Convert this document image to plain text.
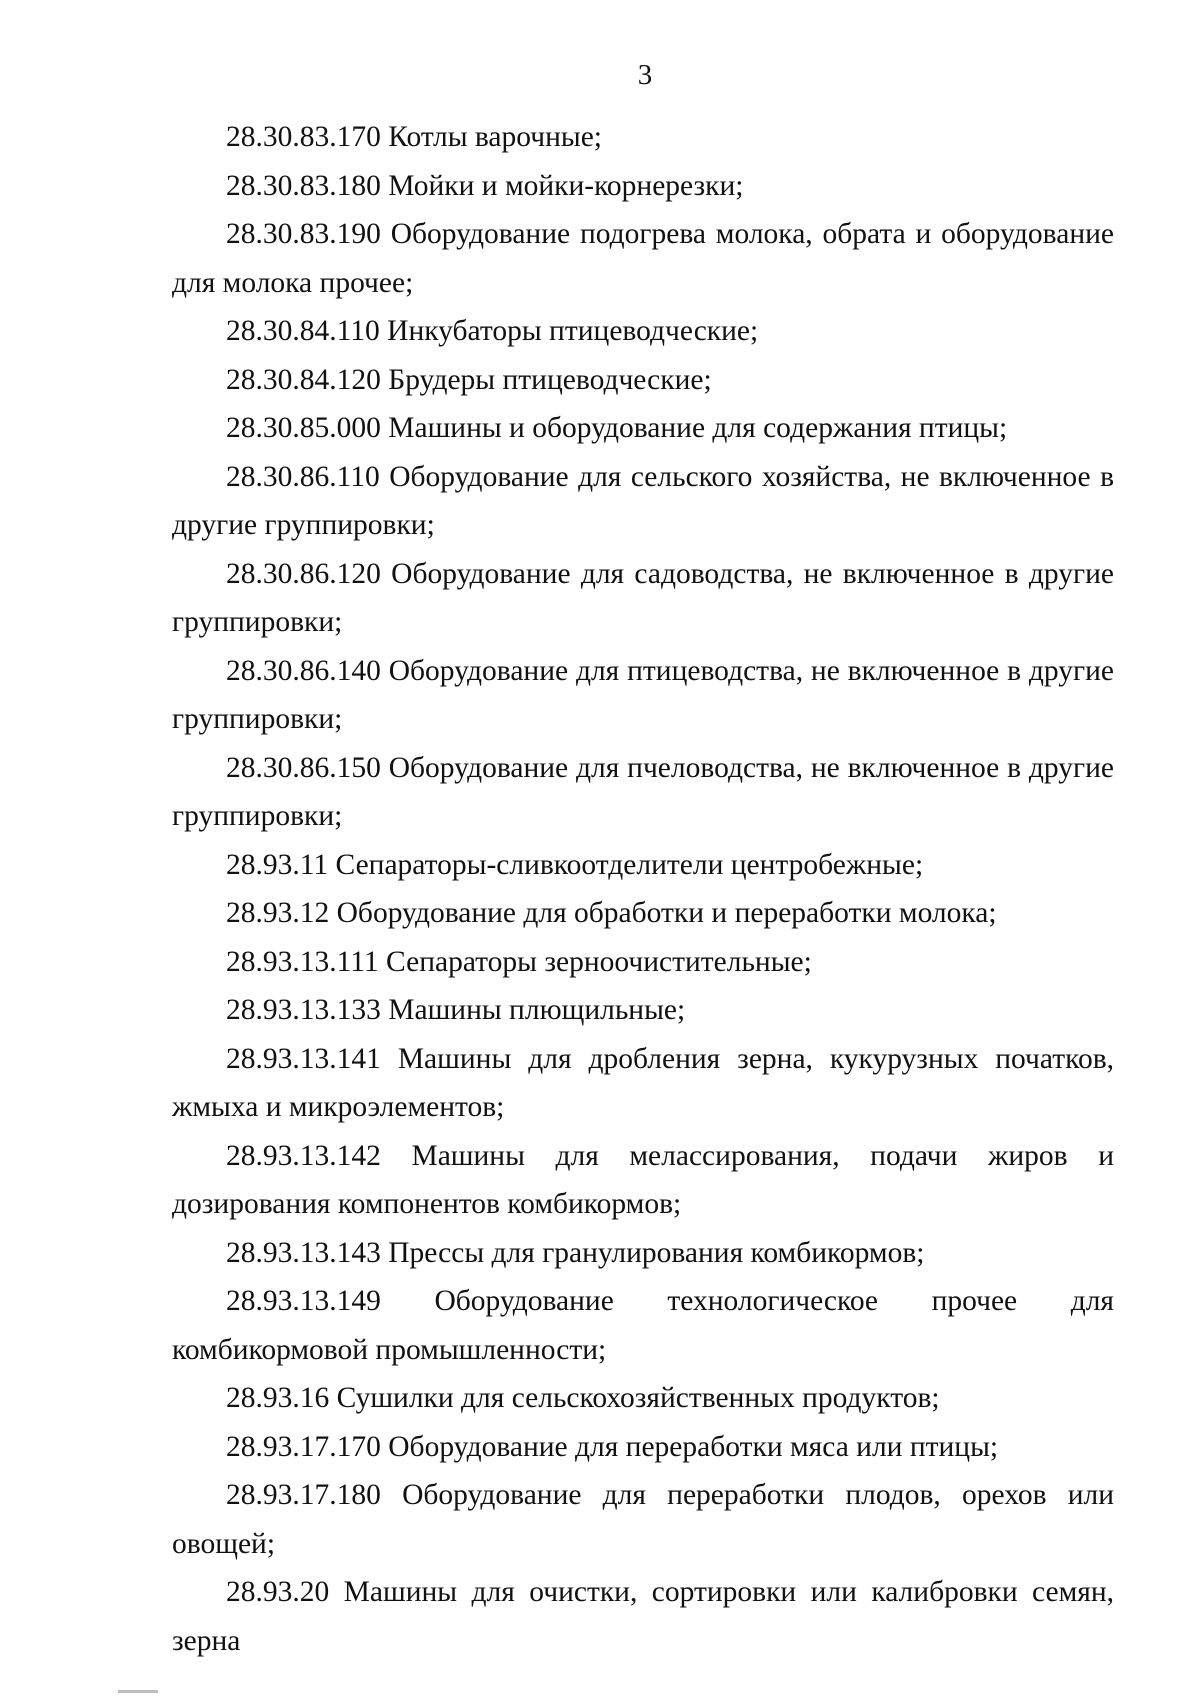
3

28.30.83.170 Котлы варочные;

28.30.83.180 Мойки и мойки-корнерезки;

28.30.83.190 Оборудование подогрева молока, обрата и оборудование для молока прочее;

28.30.84.110 Инкубаторы птицеводческие;

28.30.84.120 Брудеры птицеводческие;

28.30.85.000 Машины и оборудование для содержания птицы;

28.30.86.110 Оборудование для сельского хозяйства, не включенное в другие группировки;

28.30.86.120 Оборудование для садоводства, не включенное в другие группировки;

28.30.86.140 Оборудование для птицеводства, не включенное в другие группировки;

28.30.86.150 Оборудование для пчеловодства, не включенное в другие группировки;

28.93.11 Сепараторы-сливкоотделители центробежные;

28.93.12 Оборудование для обработки и переработки молока;

28.93.13.111 Сепараторы зерноочистительные;

28.93.13.133 Машины плющильные;

28.93.13.141 Машины для дробления зерна, кукурузных початков, жмыха и микроэлементов;

28.93.13.142 Машины для мелассирования, подачи жиров и дозирования компонентов комбикормов;

28.93.13.143 Прессы для гранулирования комбикормов;

28.93.13.149 Оборудование технологическое прочее для комбикормовой промышленности;

28.93.16 Сушилки для сельскохозяйственных продуктов;

28.93.17.170 Оборудование для переработки мяса или птицы;

28.93.17.180 Оборудование для переработки плодов, орехов или овощей;

28.93.20 Машины для очистки, сортировки или калибровки семян, зерна
